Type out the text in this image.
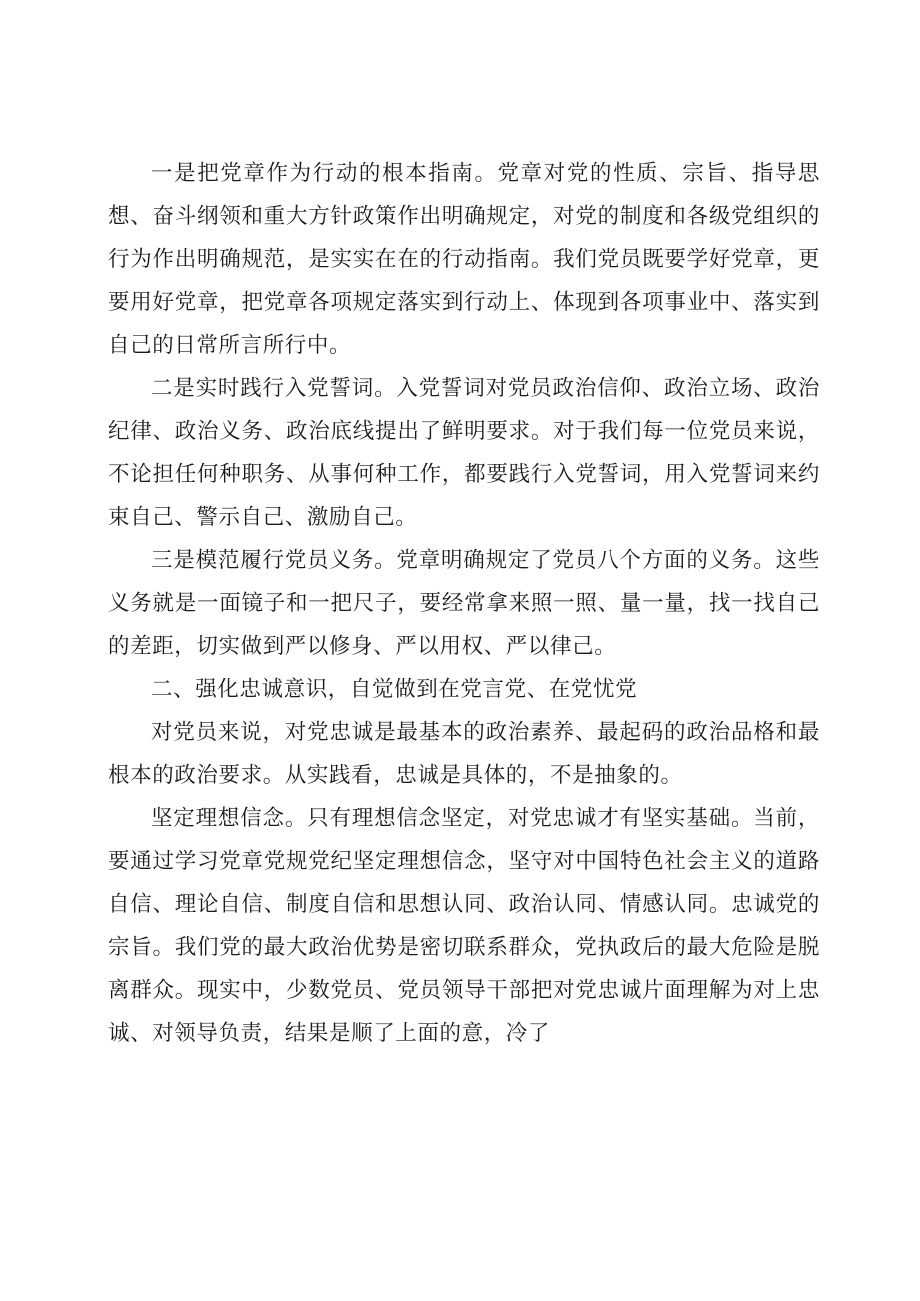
一是把党章作为行动的根本指南。党章对党的性质、宗旨、指导思想、奋斗纲领和重大方针政策作出明确规定，对党的制度和各级党组织的行为作出明确规范，是实实在在的行动指南。我们党员既要学好党章，更要用好党章，把党章各项规定落实到行动上、体现到各项事业中、落实到自己的日常所言所行中。

二是实时践行入党誓词。入党誓词对党员政治信仰、政治立场、政治纪律、政治义务、政治底线提出了鲜明要求。对于我们每一位党员来说，不论担任何种职务、从事何种工作，都要践行入党誓词，用入党誓词来约束自己、警示自己、激励自己。

三是模范履行党员义务。党章明确规定了党员八个方面的义务。这些义务就是一面镜子和一把尺子，要经常拿来照一照、量一量，找一找自己的差距，切实做到严以修身、严以用权、严以律己。

二、强化忠诚意识，自觉做到在党言党、在党忧党

对党员来说，对党忠诚是最基本的政治素养、最起码的政治品格和最根本的政治要求。从实践看，忠诚是具体的，不是抽象的。

坚定理想信念。只有理想信念坚定，对党忠诚才有坚实基础。当前，要通过学习党章党规党纪坚定理想信念，坚守对中国特色社会主义的道路自信、理论自信、制度自信和思想认同、政治认同、情感认同。忠诚党的宗旨。我们党的最大政治优势是密切联系群众，党执政后的最大危险是脱离群众。现实中，少数党员、党员领导干部把对党忠诚片面理解为对上忠诚、对领导负责，结果是顺了上面的意，冷了
